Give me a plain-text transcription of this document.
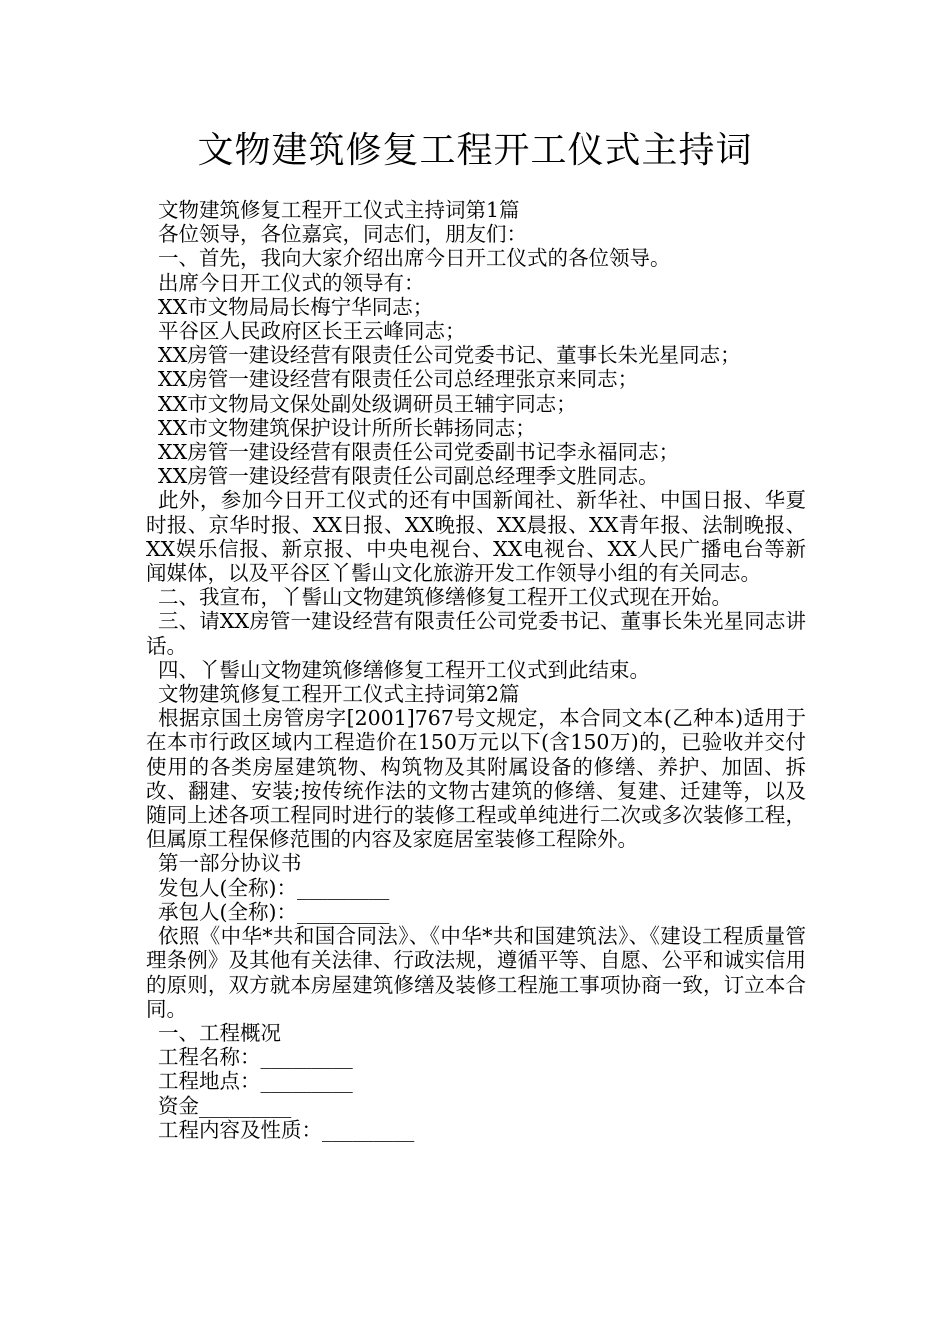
文物建筑修复工程开工仪式主持词

文物建筑修复工程开工仪式主持词第1篇

各位领导，各位嘉宾，同志们，朋友们：

一、首先，我向大家介绍出席今日开工仪式的各位领导。

出席今日开工仪式的领导有：

XX市文物局局长梅宁华同志；

平谷区人民政府区长王云峰同志；

XX房管一建设经营有限责任公司党委书记、董事长朱光星同志；

XX房管一建设经营有限责任公司总经理张京来同志；

XX市文物局文保处副处级调研员王辅宇同志；

XX市文物建筑保护设计所所长韩扬同志；

XX房管一建设经营有限责任公司党委副书记李永福同志；

XX房管一建设经营有限责任公司副总经理季文胜同志。

此外，参加今日开工仪式的还有中国新闻社、新华社、中国日报、华夏时报、京华时报、XX日报、XX晚报、XX晨报、XX青年报、法制晚报、XX娱乐信报、新京报、中央电视台、XX电视台、XX人民广播电台等新闻媒体，以及平谷区丫髻山文化旅游开发工作领导小组的有关同志。

二、我宣布，丫髻山文物建筑修缮修复工程开工仪式现在开始。

三、请XX房管一建设经营有限责任公司党委书记、董事长朱光星同志讲话。

四、丫髻山文物建筑修缮修复工程开工仪式到此结束。

文物建筑修复工程开工仪式主持词第2篇

根据京国土房管房字[2001]767号文规定，本合同文本(乙种本)适用于在本市行政区域内工程造价在150万元以下(含150万)的，已验收并交付使用的各类房屋建筑物、构筑物及其附属设备的修缮、养护、加固、拆改、翻建、安装;按传统作法的文物古建筑的修缮、复建、迁建等，以及随同上述各项工程同时进行的装修工程或单纯进行二次或多次装修工程，但属原工程保修范围的内容及家庭居室装修工程除外。

第一部分协议书

发包人(全称)：_________

承包人(全称)：_________

依照《中华*共和国合同法》、《中华*共和国建筑法》、《建设工程质量管理条例》及其他有关法律、行政法规，遵循平等、自愿、公平和诚实信用的原则，双方就本房屋建筑修缮及装修工程施工事项协商一致，订立本合同。

一、工程概况

工程名称：_________

工程地点：_________

资金_________

工程内容及性质：_________
